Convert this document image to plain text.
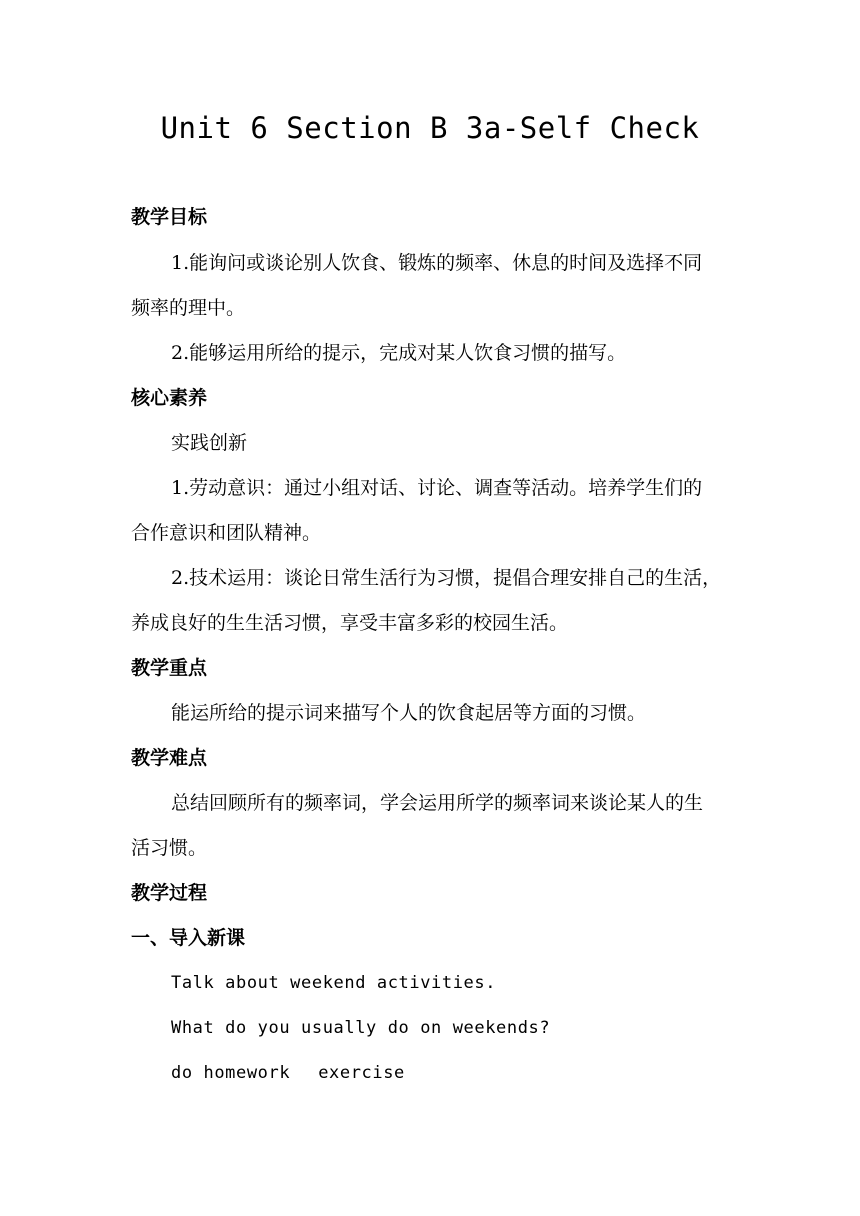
Unit 6 Section B 3a-Self Check
教学目标
1.能询问或谈论别人饮食、锻炼的频率、休息的时间及选择不同
频率的理中。
2.能够运用所给的提示，完成对某人饮食习惯的描写。
核心素养
实践创新
1.劳动意识：通过小组对话、讨论、调查等活动。培养学生们的
合作意识和团队精神。
2.技术运用：谈论日常生活行为习惯，提倡合理安排自己的生活，
养成良好的生生活习惯，享受丰富多彩的校园生活。
教学重点
能运所给的提示词来描写个人的饮食起居等方面的习惯。
教学难点
总结回顾所有的频率词，学会运用所学的频率词来谈论某人的生
活习惯。
教学过程
一、导入新课
Talk about weekend activities.
What do you usually do on weekends?
do homework exercise
